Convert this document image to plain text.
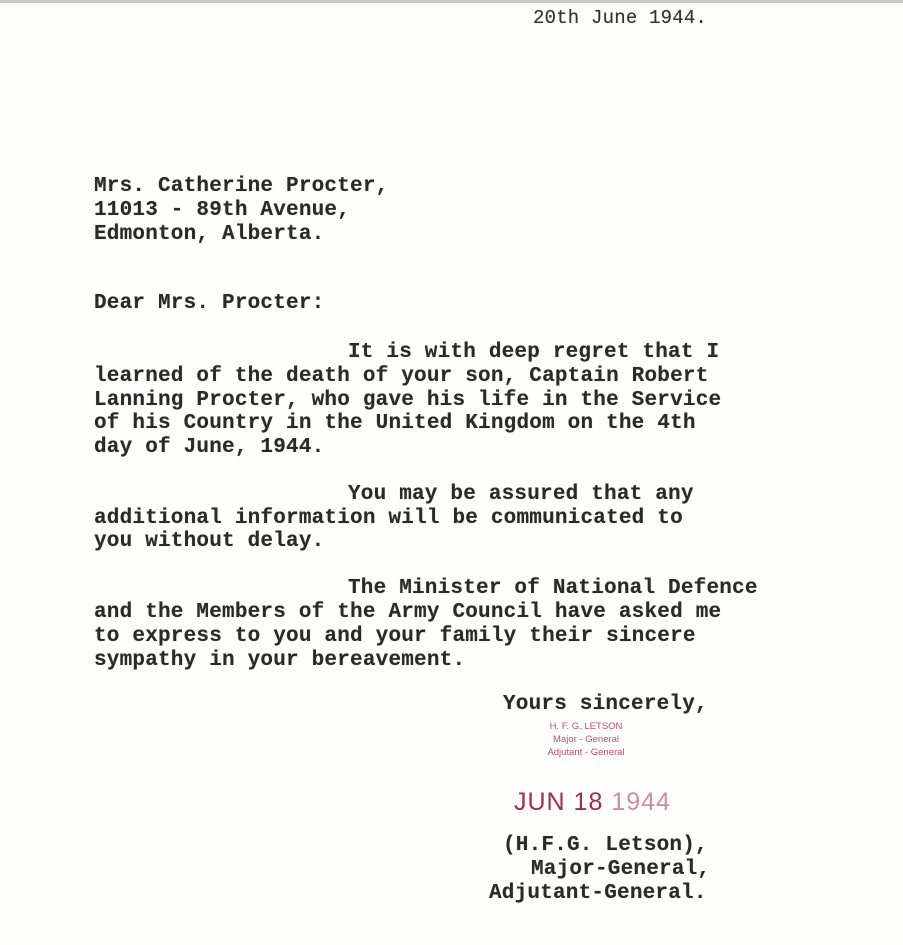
20th June 1944.
Mrs. Catherine Procter,
11013 - 89th Avenue,
Edmonton, Alberta.
Dear Mrs. Procter:
It is with deep regret that I
learned of the death of your son, Captain Robert
Lanning Procter, who gave his life in the Service
of his Country in the United Kingdom on the 4th
day of June, 1944.
You may be assured that any
additional information will be communicated to
you without delay.
The Minister of National Defence
and the Members of the Army Council have asked me
to express to you and your family their sincere
sympathy in your bereavement.
Yours sincerely,
H. F. G. LETSON
Major - General
Adjutant - General
JUN 18 1944
(H.F.G. Letson),
Major-General,
Adjutant-General.
